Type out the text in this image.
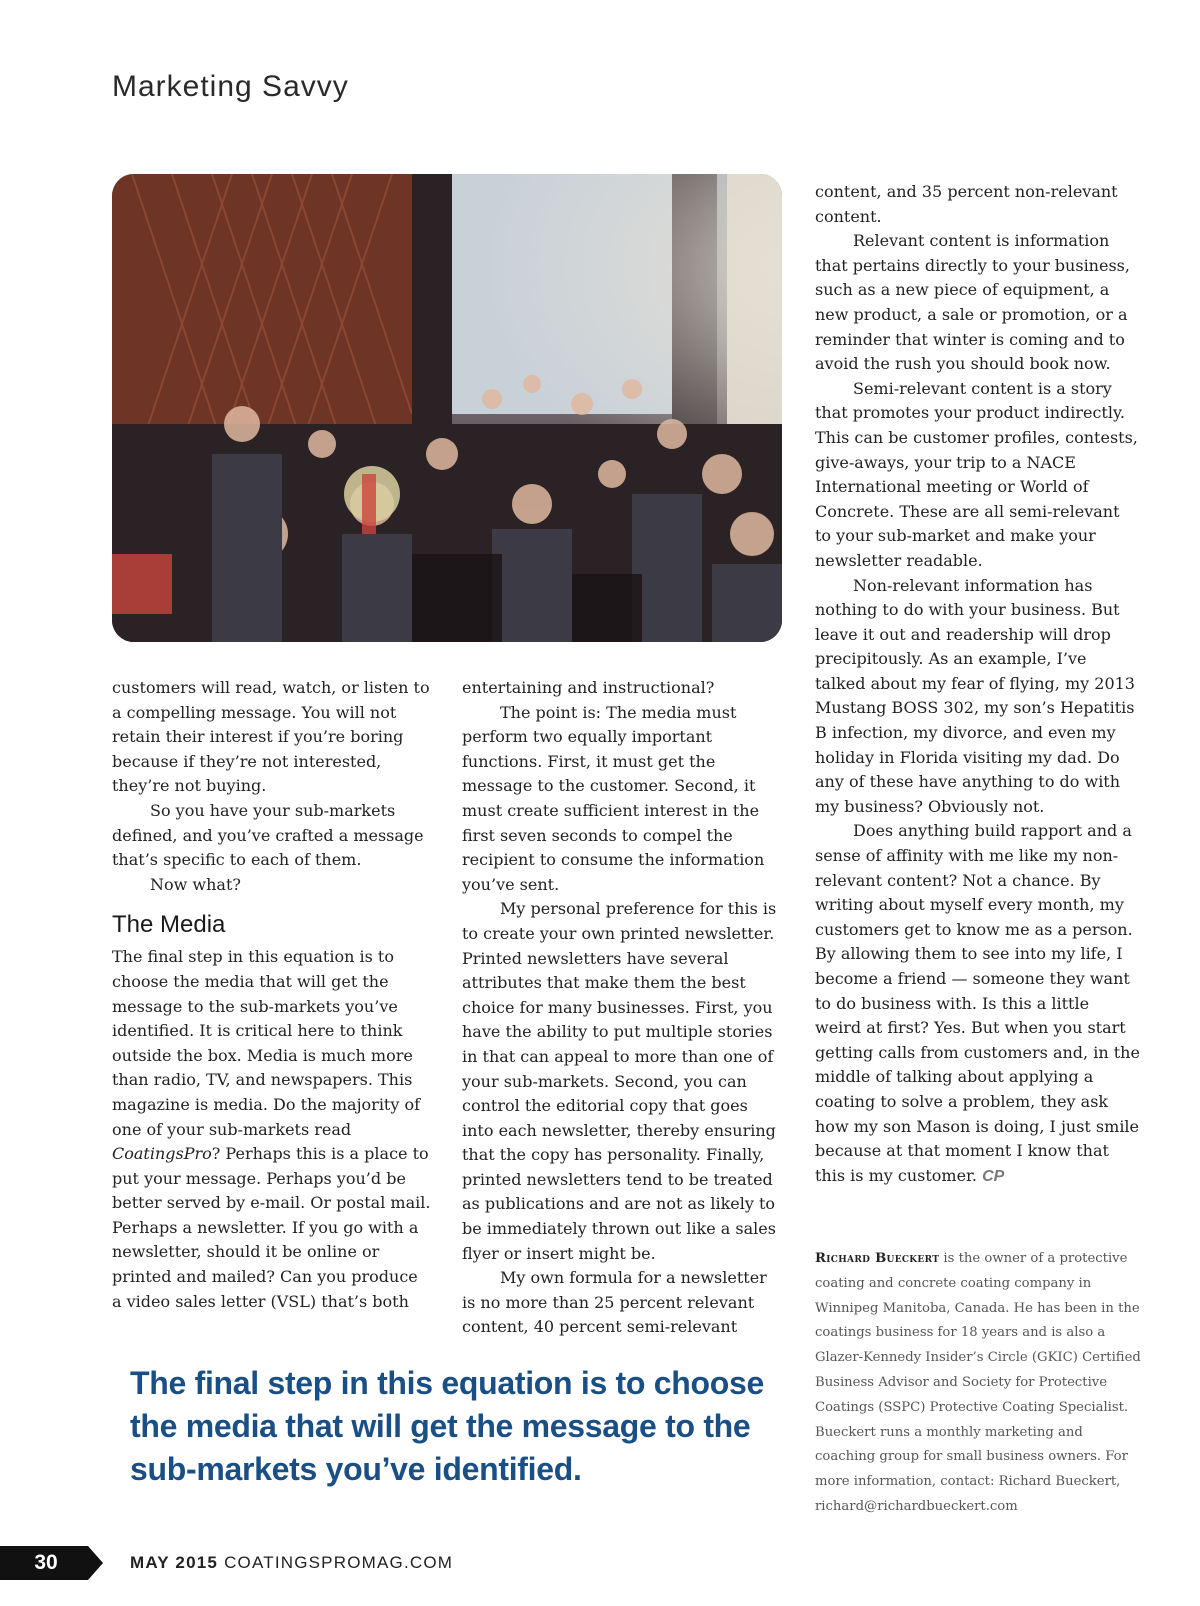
Marketing Savvy

customers will read, watch, or listen to a compelling message. You will not retain their interest if you’re boring because if they’re not interested, they’re not buying.

So you have your sub-markets defined, and you’ve crafted a message that’s specific to each of them.

Now what?

The Media

The final step in this equation is to choose the media that will get the message to the sub-markets you’ve identified. It is critical here to think outside the box. Media is much more than radio, TV, and newspapers. This magazine is media. Do the majority of one of your sub-markets read CoatingsPro? Perhaps this is a place to put your message. Perhaps you’d be better served by e-mail. Or postal mail. Perhaps a newsletter. If you go with a newsletter, should it be online or printed and mailed? Can you produce a video sales letter (VSL) that’s both

entertaining and instructional?

The point is: The media must perform two equally important functions. First, it must get the message to the customer. Second, it must create sufficient interest in the first seven seconds to compel the recipient to consume the information you’ve sent.

My personal preference for this is to create your own printed newsletter. Printed newsletters have several attributes that make them the best choice for many businesses. First, you have the ability to put multiple stories in that can appeal to more than one of your sub-markets. Second, you can control the editorial copy that goes into each newsletter, thereby ensuring that the copy has personality. Finally, printed newsletters tend to be treated as publications and are not as likely to be immediately thrown out like a sales flyer or insert might be.

My own formula for a newsletter is no more than 25 percent relevant content, 40 percent semi-relevant

content, and 35 percent non-relevant content.

Relevant content is information that pertains directly to your business, such as a new piece of equipment, a new product, a sale or promotion, or a reminder that winter is coming and to avoid the rush you should book now.

Semi-relevant content is a story that promotes your product indirectly. This can be customer profiles, contests, give-aways, your trip to a NACE International meeting or World of Concrete. These are all semi-relevant to your sub-market and make your newsletter readable.

Non-relevant information has nothing to do with your business. But leave it out and readership will drop precipitously. As an example, I’ve talked about my fear of flying, my 2013 Mustang BOSS 302, my son’s Hepatitis B infection, my divorce, and even my holiday in Florida visiting my dad. Do any of these have anything to do with my business? Obviously not.

Does anything build rapport and a sense of affinity with me like my non-relevant content? Not a chance. By writing about myself every month, my customers get to know me as a person. By allowing them to see into my life, I become a friend — someone they want to do business with. Is this a little weird at first? Yes. But when you start getting calls from customers and, in the middle of talking about applying a coating to solve a problem, they ask how my son Mason is doing, I just smile because at that moment I know that this is my customer. CP

Richard Bueckert is the owner of a protective coating and concrete coating company in Winnipeg Manitoba, Canada. He has been in the coatings business for 18 years and is also a Glazer-Kennedy Insider’s Circle (GKIC) Certified Business Advisor and Society for Protective Coatings (SSPC) Protective Coating Specialist. Bueckert runs a monthly marketing and coaching group for small business owners. For more information, contact: Richard Bueckert, richard@richardbueckert.com
The final step in this equation is to choose the media that will get the message to the sub-markets you’ve identified.
30	MAY 2015 COATINGSPROMAG.COM
